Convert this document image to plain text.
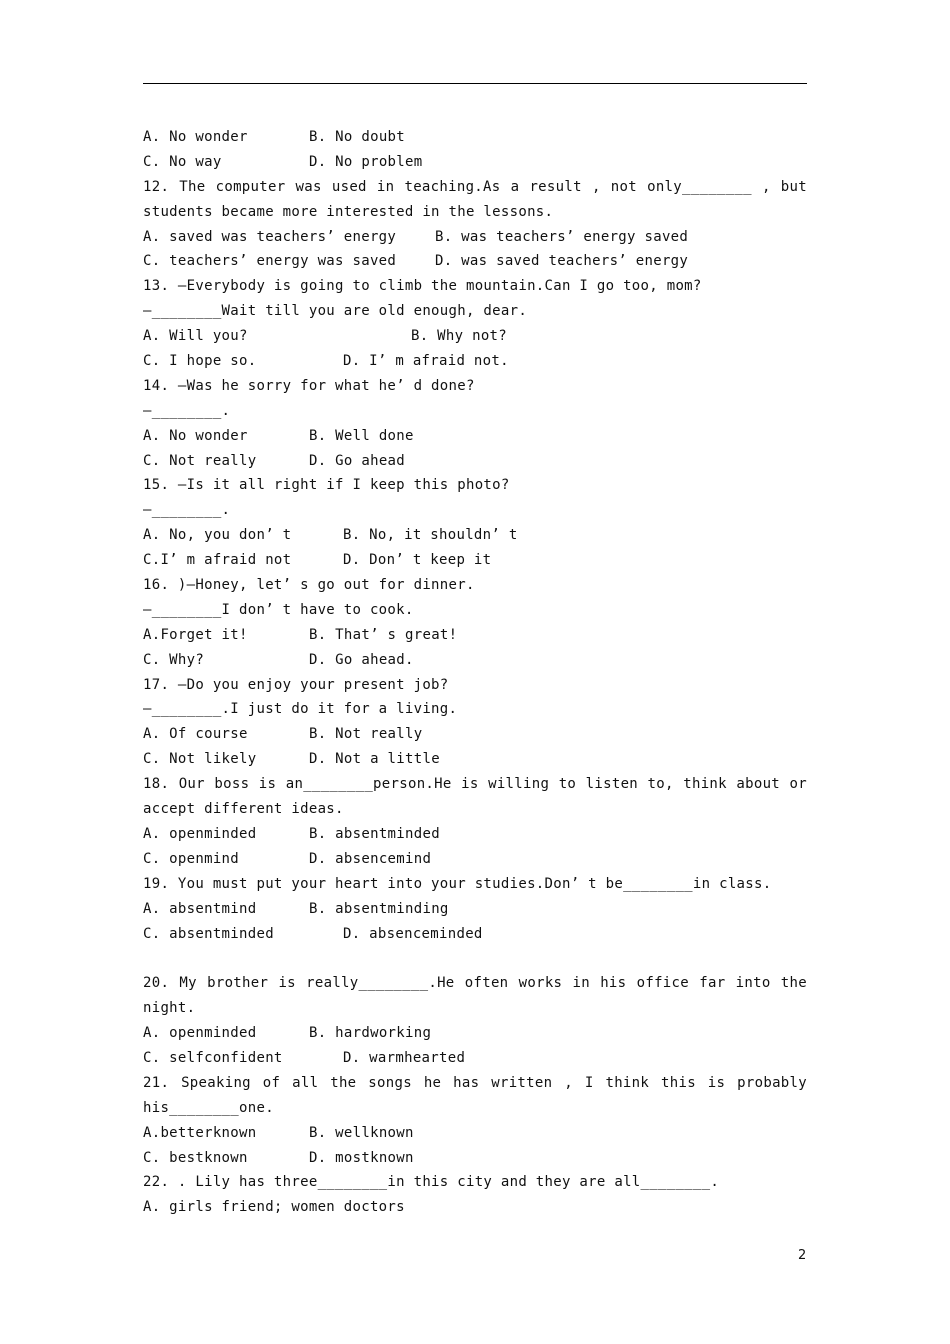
A. No wonder	B. No doubt
C. No way	D. No problem
12. The computer was used in teaching.As a result , not only________ , but
students became more interested in the lessons.
A. saved was teachers’ energy	B. was teachers’ energy saved
C. teachers’ energy was saved	D. was saved teachers’ energy
13. —Everybody is going to climb the mountain.Can I go too, mom?
—________Wait till you are old enough, dear.
A. Will you?	B. Why not?
C. I hope so.	D. I’ m afraid not.
14. —Was he sorry for what he’ d done?
—________.
A. No wonder	B. Well done
C. Not really	D. Go ahead
15. —Is it all right if I keep this photo?
—________.
A. No, you don’ t	B. No, it shouldn’ t
C.I’ m afraid not	D. Don’ t keep it
16. )—Honey, let’ s go out for dinner.
—________I don’ t have to cook.
A.Forget it!	B. That’ s great!
C. Why?	D. Go ahead.
17. —Do you enjoy your present job?
—________.I just do it for a living.
A. Of course	B. Not really
C. Not likely	D. Not a little
18. Our boss is an________person.He is willing to listen to, think about or
accept different ideas.
A. openminded	B. absentminded
C. openmind	D. absencemind
19. You must put your heart into your studies.Don’ t be________in class.
A. absentmind	B. absentminding
C. absentminded	D. absenceminded
20. My brother is really________.He often works in his office far into the
night.
A. openminded	B. hardworking
C. selfconfident	D. warmhearted
21. Speaking of all the songs he has written , I think this is probably
his________one.
A.betterknown	B. wellknown
C. bestknown	D. mostknown
22. . Lily has three________in this city and they are all________.
A. girls friend; women doctors
2
